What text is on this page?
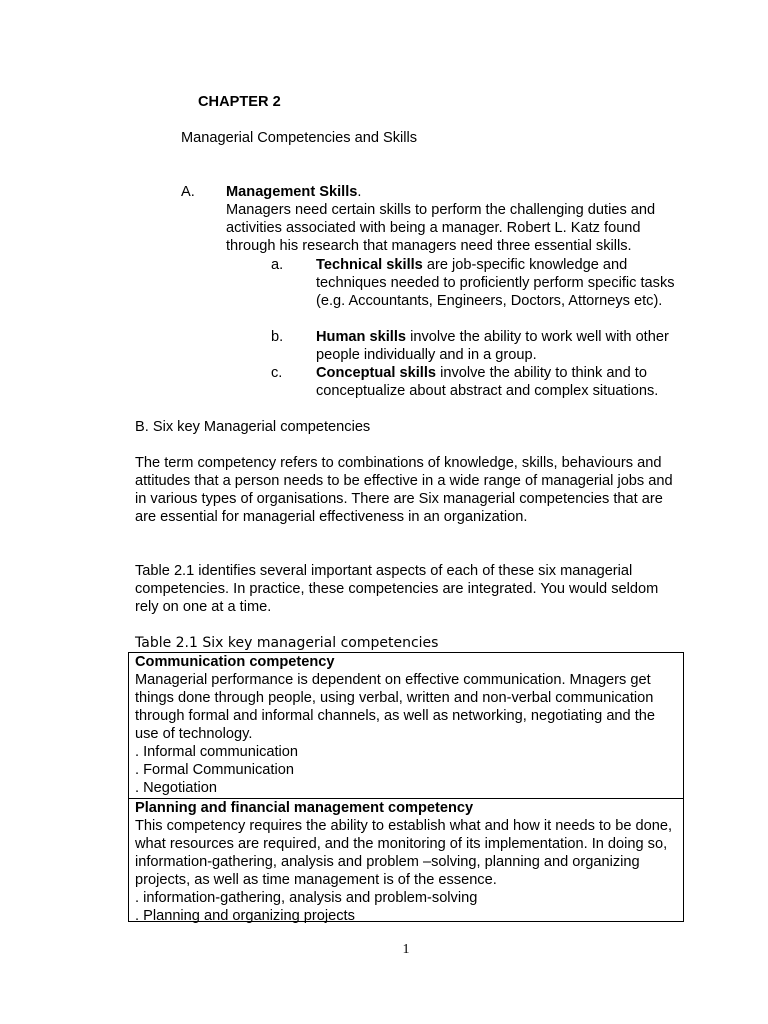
CHAPTER 2
Managerial Competencies and Skills
A. Management Skills.
Managers need certain skills to perform the challenging duties and activities associated with being a manager. Robert L. Katz found through his research that managers need three essential skills.
a. Technical skills are job-specific knowledge and techniques needed to proficiently perform specific tasks (e.g. Accountants, Engineers, Doctors, Attorneys etc).
b. Human skills involve the ability to work well with other people individually and in a group.
c. Conceptual skills involve the ability to think and to conceptualize about abstract and complex situations.
B. Six key Managerial competencies
The term competency refers to combinations of knowledge, skills, behaviours and attitudes that a person needs to be effective in a wide range of managerial jobs and in various types of organisations. There are Six managerial competencies that are are essential for managerial effectiveness in an organization.
Table 2.1 identifies several important aspects of each of these six managerial competencies. In practice, these competencies are integrated. You would seldom rely on one at a time.
Table 2.1 Six key managerial competencies
Communication competency
Managerial performance is dependent on effective communication. Mnagers get things done through people, using verbal, written and non-verbal communication through formal and informal channels, as well as networking, negotiating and the use of technology.
. Informal communication
. Formal Communication
. Negotiation
Planning and financial management competency
This competency requires the ability to establish what and how it needs to be done, what resources are required, and the monitoring of its implementation. In doing so, information-gathering, analysis and problem –solving, planning and organizing projects, as well as time management is of the essence.
. information-gathering, analysis and problem-solving
. Planning and organizing projects
1
